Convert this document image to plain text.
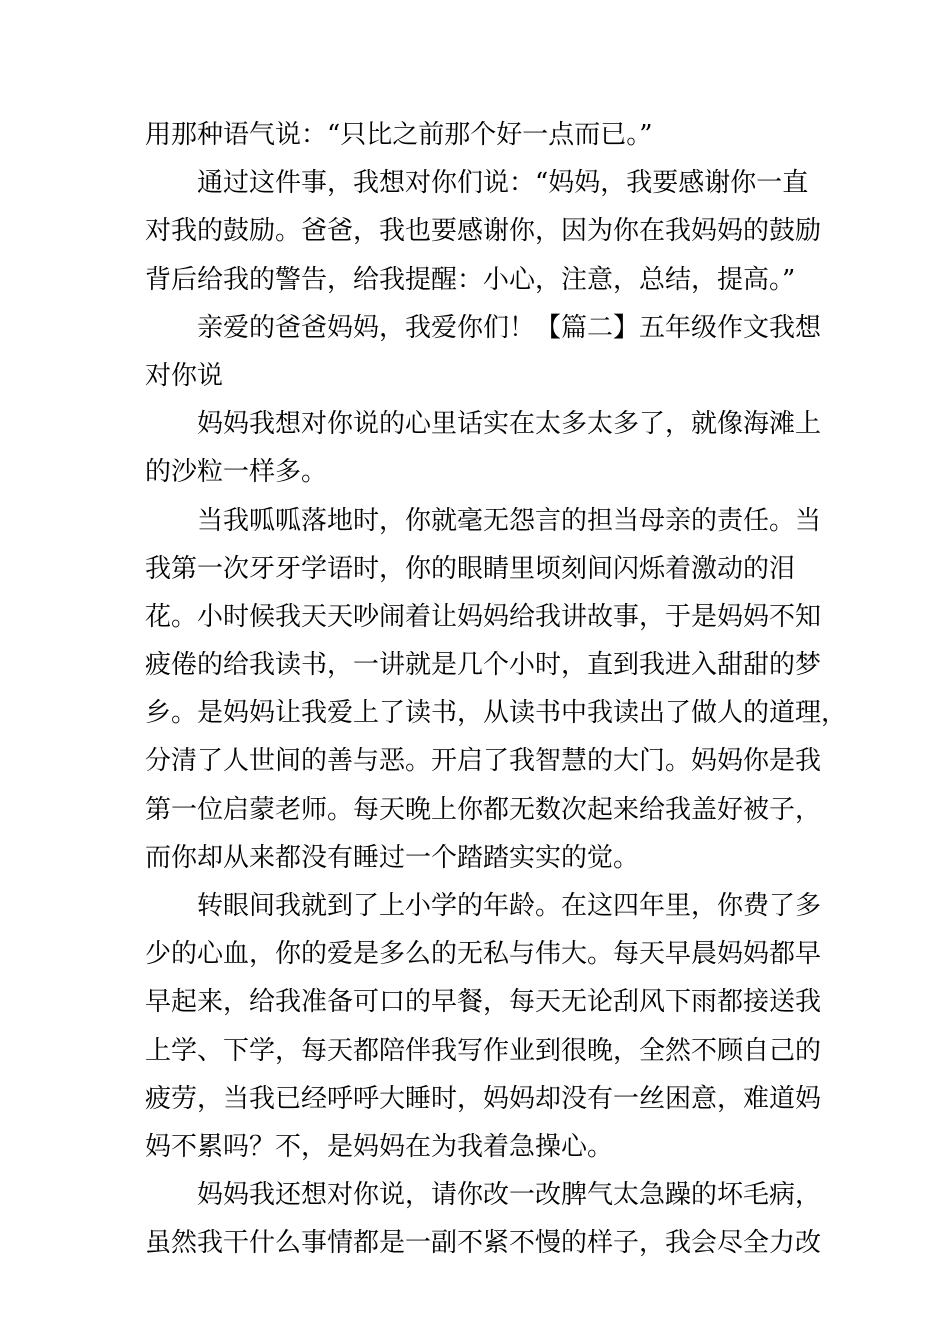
用那种语气说：“只比之前那个好一点而已。”
通过这件事，我想对你们说：“妈妈，我要感谢你一直
对我的鼓励。爸爸，我也要感谢你，因为你在我妈妈的鼓励
背后给我的警告，给我提醒：小心，注意，总结，提高。”
亲爱的爸爸妈妈，我爱你们！【篇二】五年级作文我想
对你说
妈妈我想对你说的心里话实在太多太多了，就像海滩上
的沙粒一样多。
当我呱呱落地时，你就毫无怨言的担当母亲的责任。当
我第一次牙牙学语时，你的眼睛里顷刻间闪烁着激动的泪
花。小时候我天天吵闹着让妈妈给我讲故事，于是妈妈不知
疲倦的给我读书，一讲就是几个小时，直到我进入甜甜的梦
乡。是妈妈让我爱上了读书，从读书中我读出了做人的道理，
分清了人世间的善与恶。开启了我智慧的大门。妈妈你是我
第一位启蒙老师。每天晚上你都无数次起来给我盖好被子，
而你却从来都没有睡过一个踏踏实实的觉。
转眼间我就到了上小学的年龄。在这四年里，你费了多
少的心血，你的爱是多么的无私与伟大。每天早晨妈妈都早
早起来，给我准备可口的早餐，每天无论刮风下雨都接送我
上学、下学，每天都陪伴我写作业到很晚，全然不顾自己的
疲劳，当我已经呼呼大睡时，妈妈却没有一丝困意，难道妈
妈不累吗？不，是妈妈在为我着急操心。
妈妈我还想对你说，请你改一改脾气太急躁的坏毛病，
虽然我干什么事情都是一副不紧不慢的样子，我会尽全力改
